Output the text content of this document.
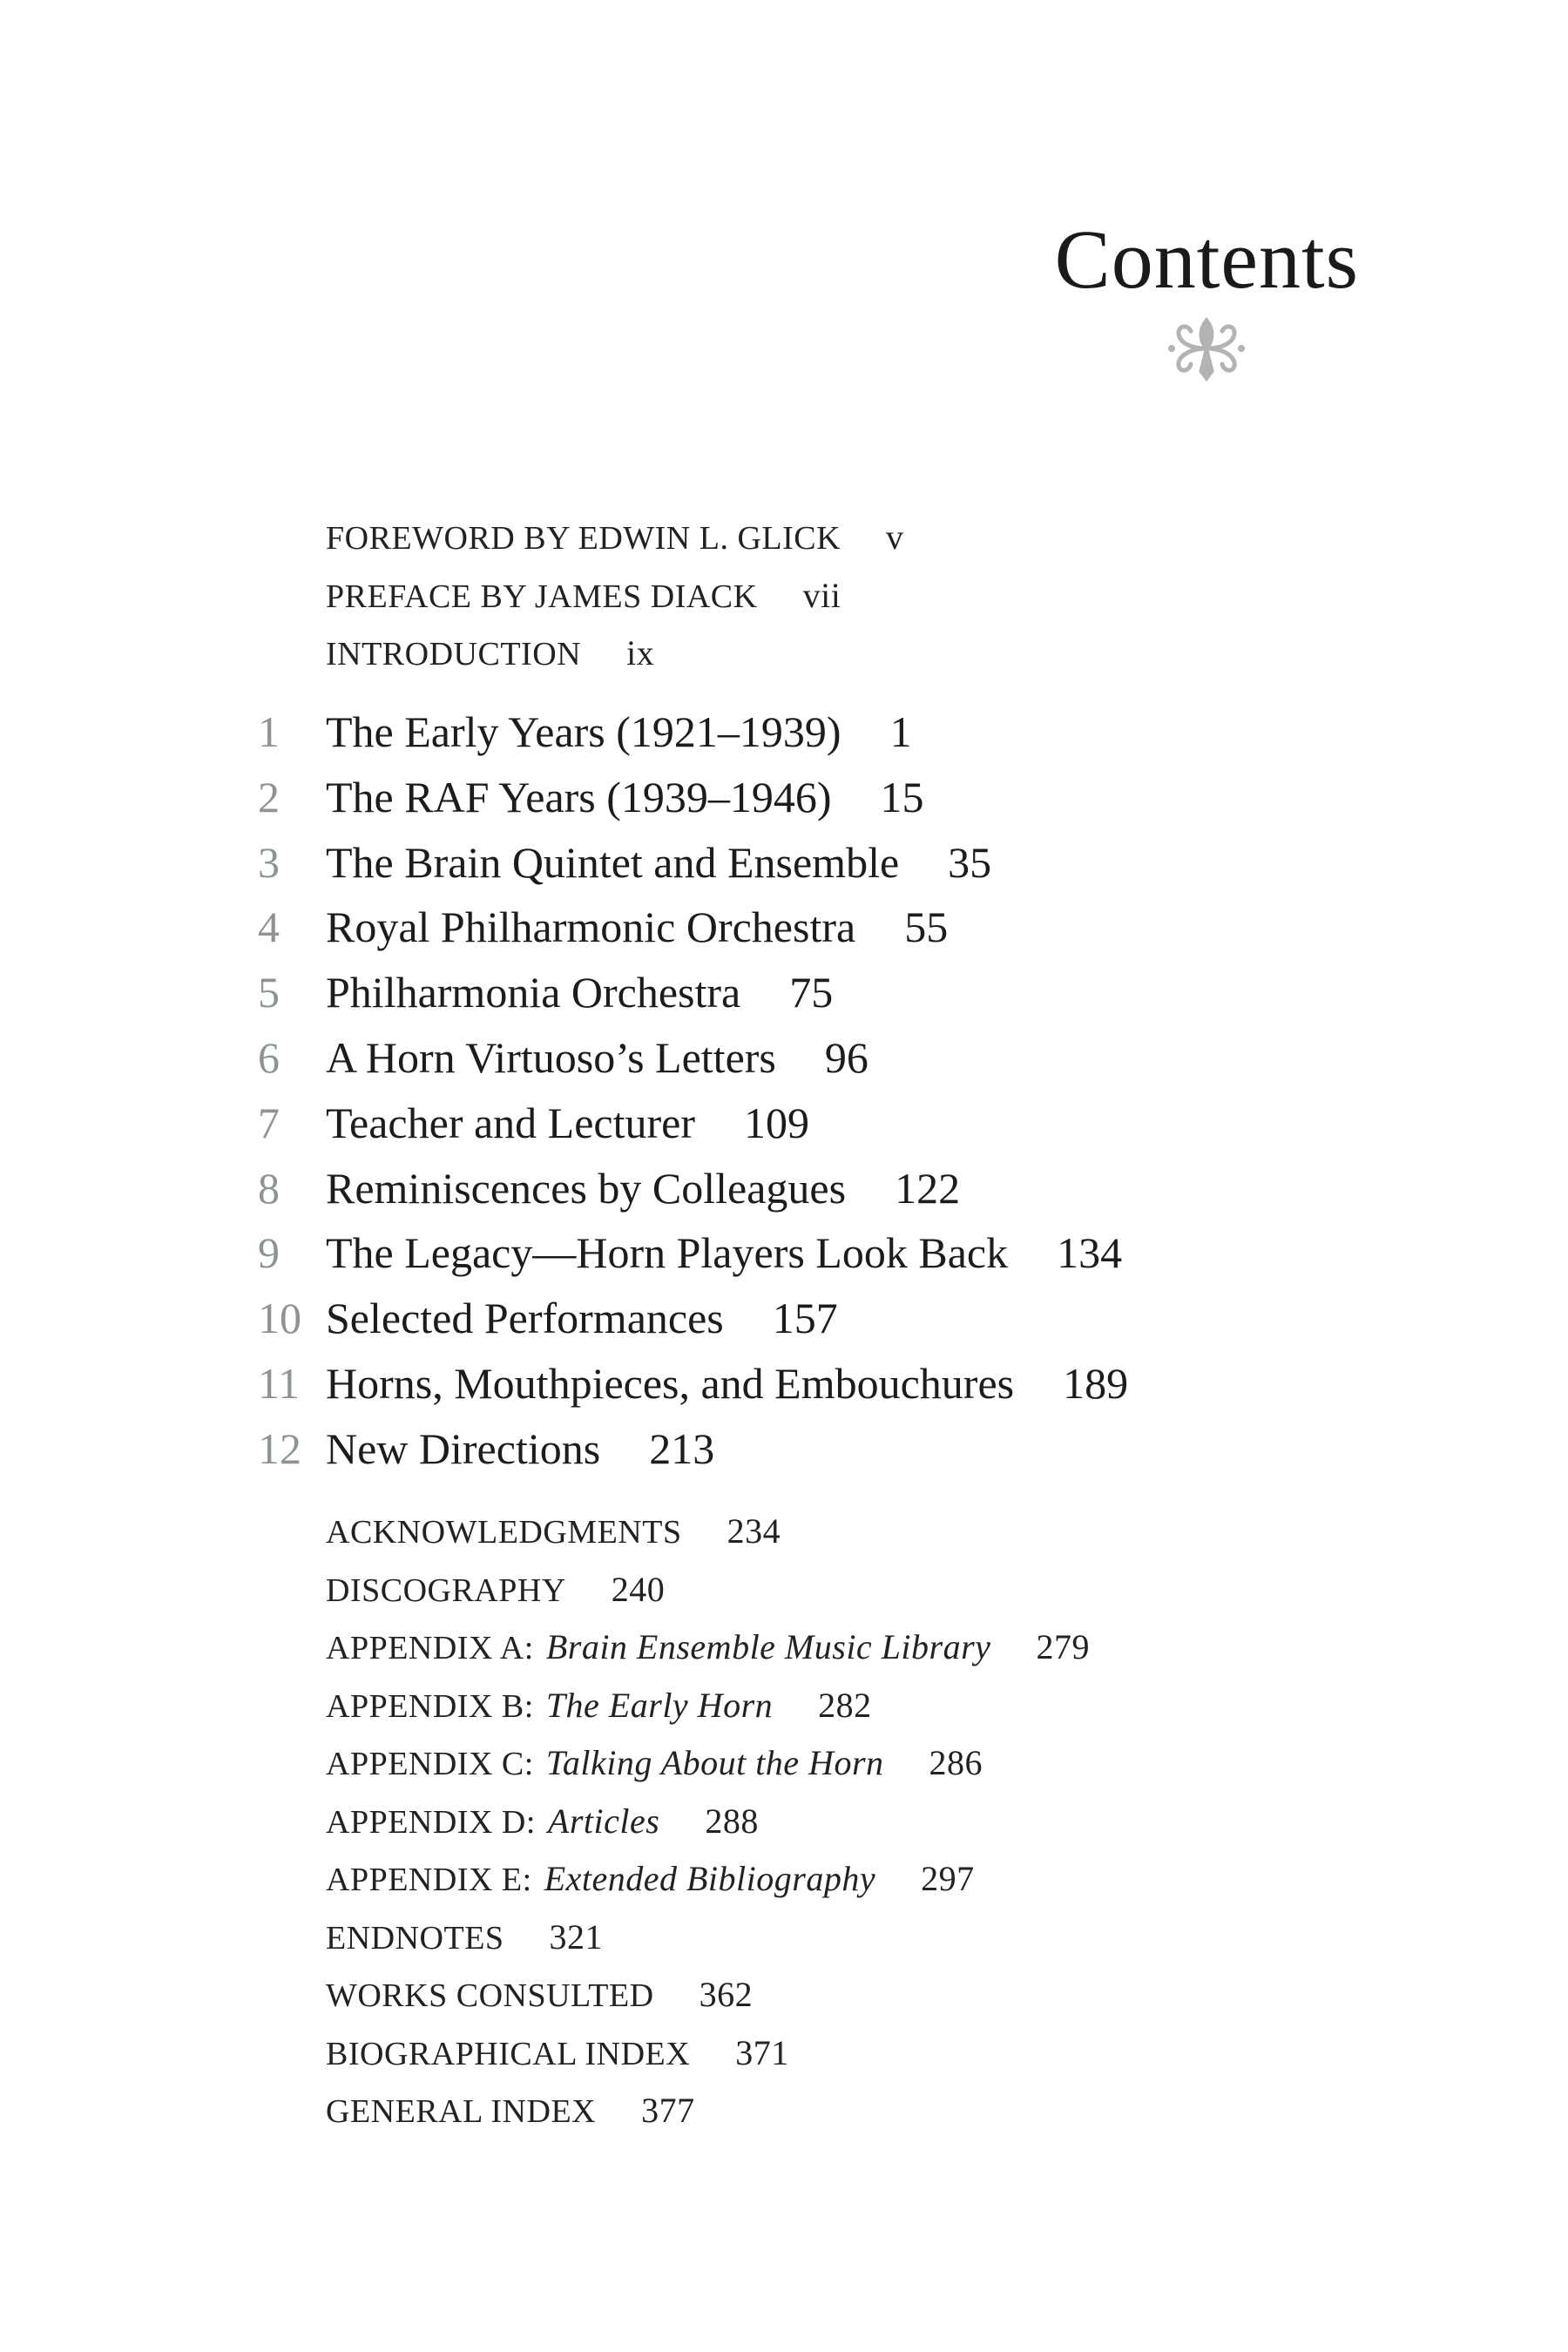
Contents
FOREWORD BY EDWIN L. GLICK v
PREFACE BY JAMES DIACK vii
INTRODUCTION ix
1 The Early Years (1921–1939) 1
2 The RAF Years (1939–1946) 15
3 The Brain Quintet and Ensemble 35
4 Royal Philharmonic Orchestra 55
5 Philharmonia Orchestra 75
6 A Horn Virtuoso’s Letters 96
7 Teacher and Lecturer 109
8 Reminiscences by Colleagues 122
9 The Legacy—Horn Players Look Back 134
10 Selected Performances 157
11 Horns, Mouthpieces, and Embouchures 189
12 New Directions 213
ACKNOWLEDGMENTS 234
DISCOGRAPHY 240
APPENDIX A: Brain Ensemble Music Library 279
APPENDIX B: The Early Horn 282
APPENDIX C: Talking About the Horn 286
APPENDIX D: Articles 288
APPENDIX E: Extended Bibliography 297
ENDNOTES 321
WORKS CONSULTED 362
BIOGRAPHICAL INDEX 371
GENERAL INDEX 377
